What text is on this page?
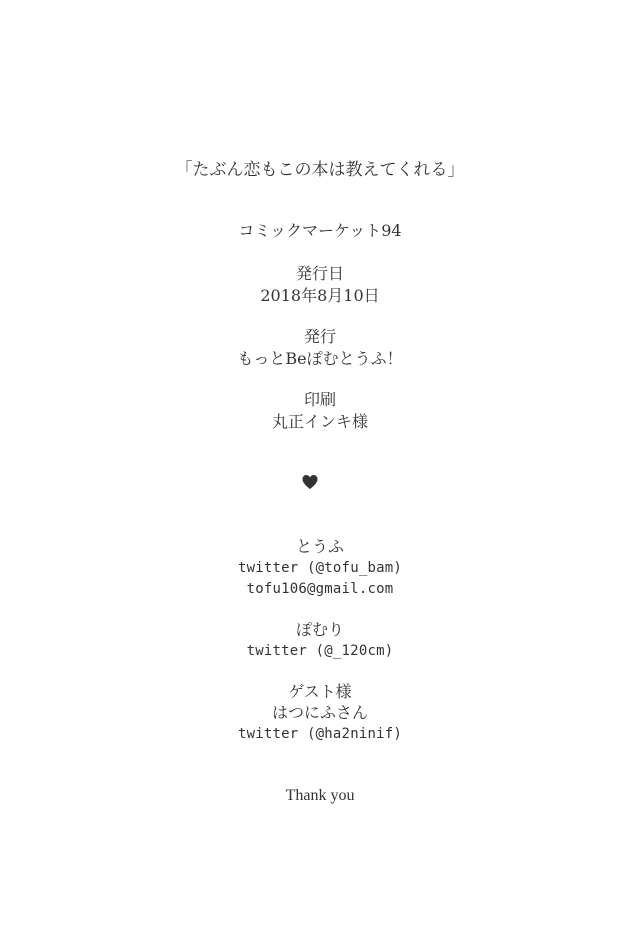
「たぶん恋もこの本は教えてくれる」
コミックマーケット94
発行日
2018年8月10日
発行
もっとBeぽむとうふ！
印刷
丸正インキ様
とうふ
twitter (@tofu_bam)
tofu106@gmail.com
ぽむり
twitter (@_120cm)
ゲスト様
はつにふさん
twitter (@ha2ninif)
Thank you
